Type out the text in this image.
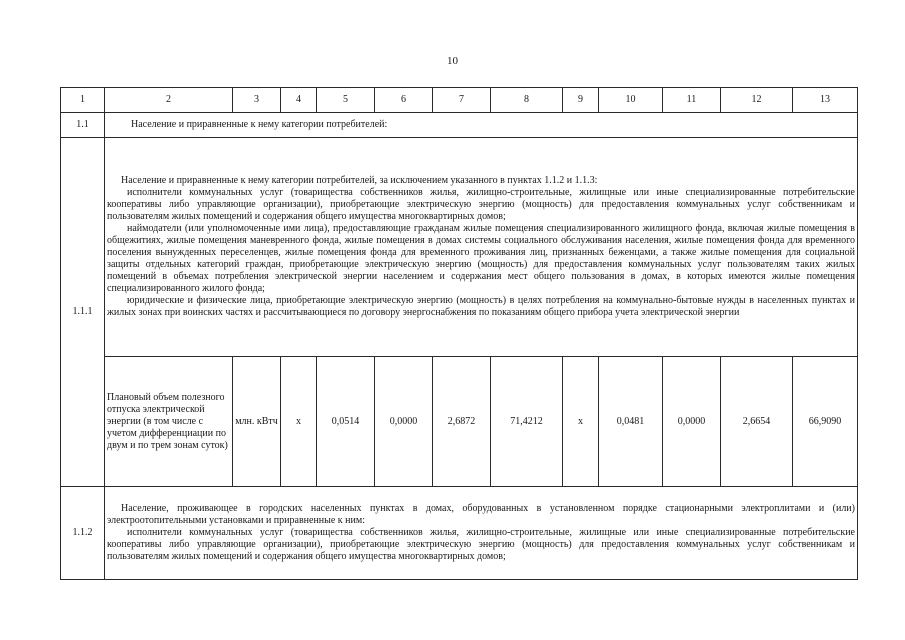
10
1	2	3	4	5	6	7	8	9	10	11	12	13
1.1	Население и приравненные к нему категории потребителей:											
1.1.1	Население и приравненные к нему категории потребителей, за исключением указанного в пунктах 1.1.2 и 1.1.3:

исполнители коммунальных услуг (товарищества собственников жилья, жилищно-строительные, жилищные или иные специализированные потребительские кооперативы либо управляющие организации), приобретающие электрическую энергию (мощность) для предоставления коммунальных услуг собственникам и пользователям жилых помещений и содержания общего имущества многоквартирных домов;

наймодатели (или уполномоченные ими лица), предоставляющие гражданам жилые помещения специализированного жилищного фонда, включая жилые помещения в общежитиях, жилые помещения маневренного фонда, жилые помещения в домах системы социального обслуживания населения, жилые помещения фонда для временного поселения вынужденных переселенцев, жилые помещения фонда для временного проживания лиц, признанных беженцами, а также жилые помещения для социальной защиты отдельных категорий граждан, приобретающие электрическую энергию (мощность) для предоставления коммунальных услуг пользователям таких жилых помещений в объемах потребления электрической энергии населением и содержания мест общего пользования в домах, в которых имеются жилые помещения специализированного жилого фонда;

юридические и физические лица, приобретающие электрическую энергию (мощность) в целях потребления на коммунально-бытовые нужды в населенных пунктах и жилых зонах при воинских частях и рассчитывающиеся по договору энергоснабжения по показаниям общего прибора учета электрической энергии											

	Плановый объем полезного отпуска электрической энергии (в том числе с учетом дифференциации по двум и по трем зонам суток)	млн. кВтч	х	0,0514	0,0000	2,6872	71,4212	х	0,0481	0,0000	2,6654	66,9090
1.1.2	Население, проживающее в городских населенных пунктах в домах, оборудованных в установленном порядке стационарными электроплитами и (или) электроотопительными установками и приравненные к ним:

исполнители коммунальных услуг (товарищества собственников жилья, жилищно-строительные, жилищные или иные специализированные потребительские кооперативы либо управляющие организации), приобретающие электрическую энергию (мощность) для предоставления коммунальных услуг собственникам и пользователям жилых помещений и содержания общего имущества многоквартирных домов;											
